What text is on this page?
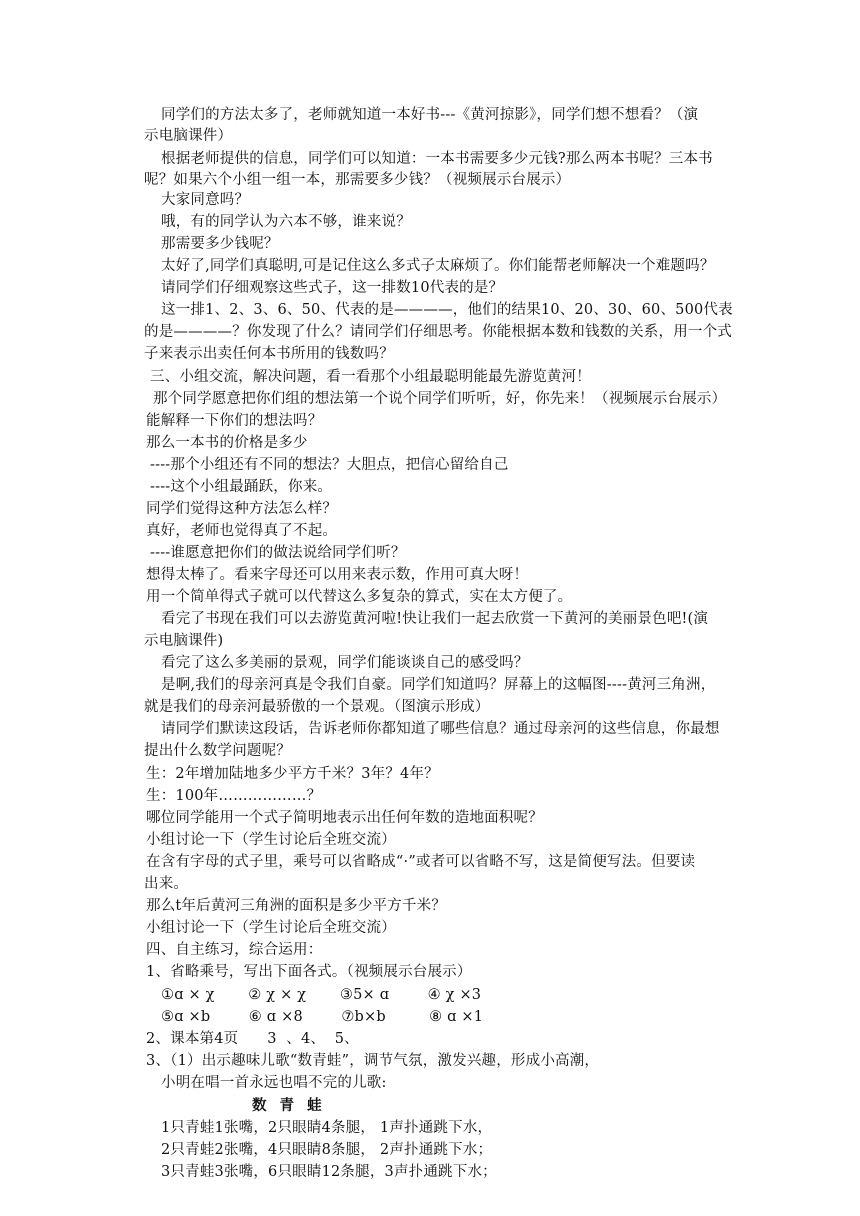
同学们的方法太多了，老师就知道一本好书---《黄河掠影》，同学们想不想看？（演
示电脑课件）
根据老师提供的信息，同学们可以知道：一本书需要多少元钱?那么两本书呢？三本书
呢？如果六个小组一组一本，那需要多少钱？（视频展示台展示）
大家同意吗？
哦，有的同学认为六本不够，谁来说？
那需要多少钱呢？
太好了,同学们真聪明,可是记住这么多式子太麻烦了。你们能帮老师解决一个难题吗？
请同学们仔细观察这些式子，这一排数10代表的是？
这一排1、2、3、6、50、代表的是————，他们的结果10、20、30、60、500代表
的是————？你发现了什么？请同学们仔细思考。你能根据本数和钱数的关系，用一个式
子来表示出卖任何本书所用的钱数吗？
三、小组交流，解决问题，看一看那个小组最聪明能最先游览黄河！
那个同学愿意把你们组的想法第一个说个同学们听听，好，你先来！（视频展示台展示）
能解释一下你们的想法吗？
那么一本书的价格是多少
----那个小组还有不同的想法？大胆点，把信心留给自己
----这个小组最踊跃，你来。
同学们觉得这种方法怎么样？
真好，老师也觉得真了不起。
----谁愿意把你们的做法说给同学们听？
想得太棒了。看来字母还可以用来表示数，作用可真大呀！
用一个简单得式子就可以代替这么多复杂的算式，实在太方便了。
看完了书现在我们可以去游览黄河啦!快让我们一起去欣赏一下黄河的美丽景色吧!(演
示电脑课件)
看完了这么多美丽的景观，同学们能谈谈自己的感受吗？
是啊,我们的母亲河真是令我们自豪。同学们知道吗？屏幕上的这幅图----黄河三角洲，
就是我们的母亲河最骄傲的一个景观。（图演示形成）
请同学们默读这段话，告诉老师你都知道了哪些信息？通过母亲河的这些信息，你最想
提出什么数学问题呢？
生：2年增加陆地多少平方千米？3年？4年？
生：100年………………？
哪位同学能用一个式子简明地表示出任何年数的造地面积呢？
小组讨论一下（学生讨论后全班交流）
在含有字母的式子里，乘号可以省略成“·”或者可以省略不写，这是简便写法。但要读
出来。
那么t年后黄河三角洲的面积是多少平方千米？
小组讨论一下（学生讨论后全班交流）
四、自主练习，综合运用：
1、省略乘号，写出下面各式。（视频展示台展示）
①ɑ × χ       ② χ × χ       ③5× ɑ        ④ χ ×3
⑤ɑ ×b        ⑥ ɑ ×8        ⑦b×b         ⑧ ɑ ×1
2、课本第4页      3  、4、  5、
3、（1）出示趣味儿歌“数青蛙”，调节气氛，激发兴趣，形成小高潮，
小明在唱一首永远也唱不完的儿歌:
数 青 蛙
1只青蛙1张嘴，2只眼睛4条腿， 1声扑通跳下水，
2只青蛙2张嘴，4只眼睛8条腿， 2声扑通跳下水；
3只青蛙3张嘴，6只眼睛12条腿，3声扑通跳下水；
